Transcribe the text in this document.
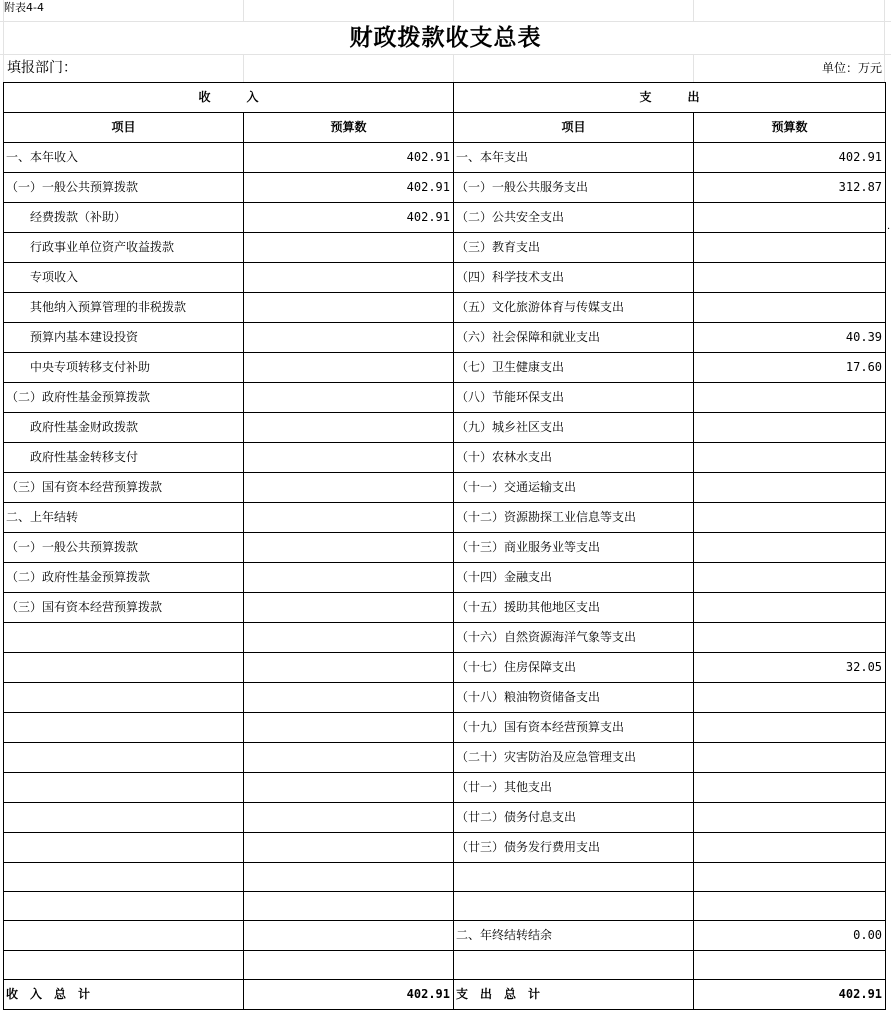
附表4-4
财政拨款收支总表
填报部门：	单位：万元
.
收　　　入		支　　　出	
项目	预算数	项目	预算数
一、本年收入	402.91	一、本年支出	402.91
（一）一般公共预算拨款	402.91	（一）一般公共服务支出	312.87
经费拨款（补助）	402.91	（二）公共安全支出	
行政事业单位资产收益拨款		（三）教育支出	
专项收入		（四）科学技术支出	
其他纳入预算管理的非税拨款		（五）文化旅游体育与传媒支出	
预算内基本建设投资		（六）社会保障和就业支出	40.39
中央专项转移支付补助		（七）卫生健康支出	17.60
（二）政府性基金预算拨款		（八）节能环保支出	
政府性基金财政拨款		（九）城乡社区支出	
政府性基金转移支付		（十）农林水支出	
（三）国有资本经营预算拨款		（十一）交通运输支出	
二、上年结转		（十二）资源勘探工业信息等支出	
（一）一般公共预算拨款		（十三）商业服务业等支出	
（二）政府性基金预算拨款		（十四）金融支出	
（三）国有资本经营预算拨款		（十五）援助其他地区支出	
		（十六）自然资源海洋气象等支出	
		（十七）住房保障支出	32.05
		（十八）粮油物资储备支出	
		（十九）国有资本经营预算支出	
		（二十）灾害防治及应急管理支出	
		（廿一）其他支出	
		（廿二）债务付息支出	
		（廿三）债务发行费用支出	

		二、年终结转结余	0.00

收　入　总　计	402.91	支　出　总　计	402.91
